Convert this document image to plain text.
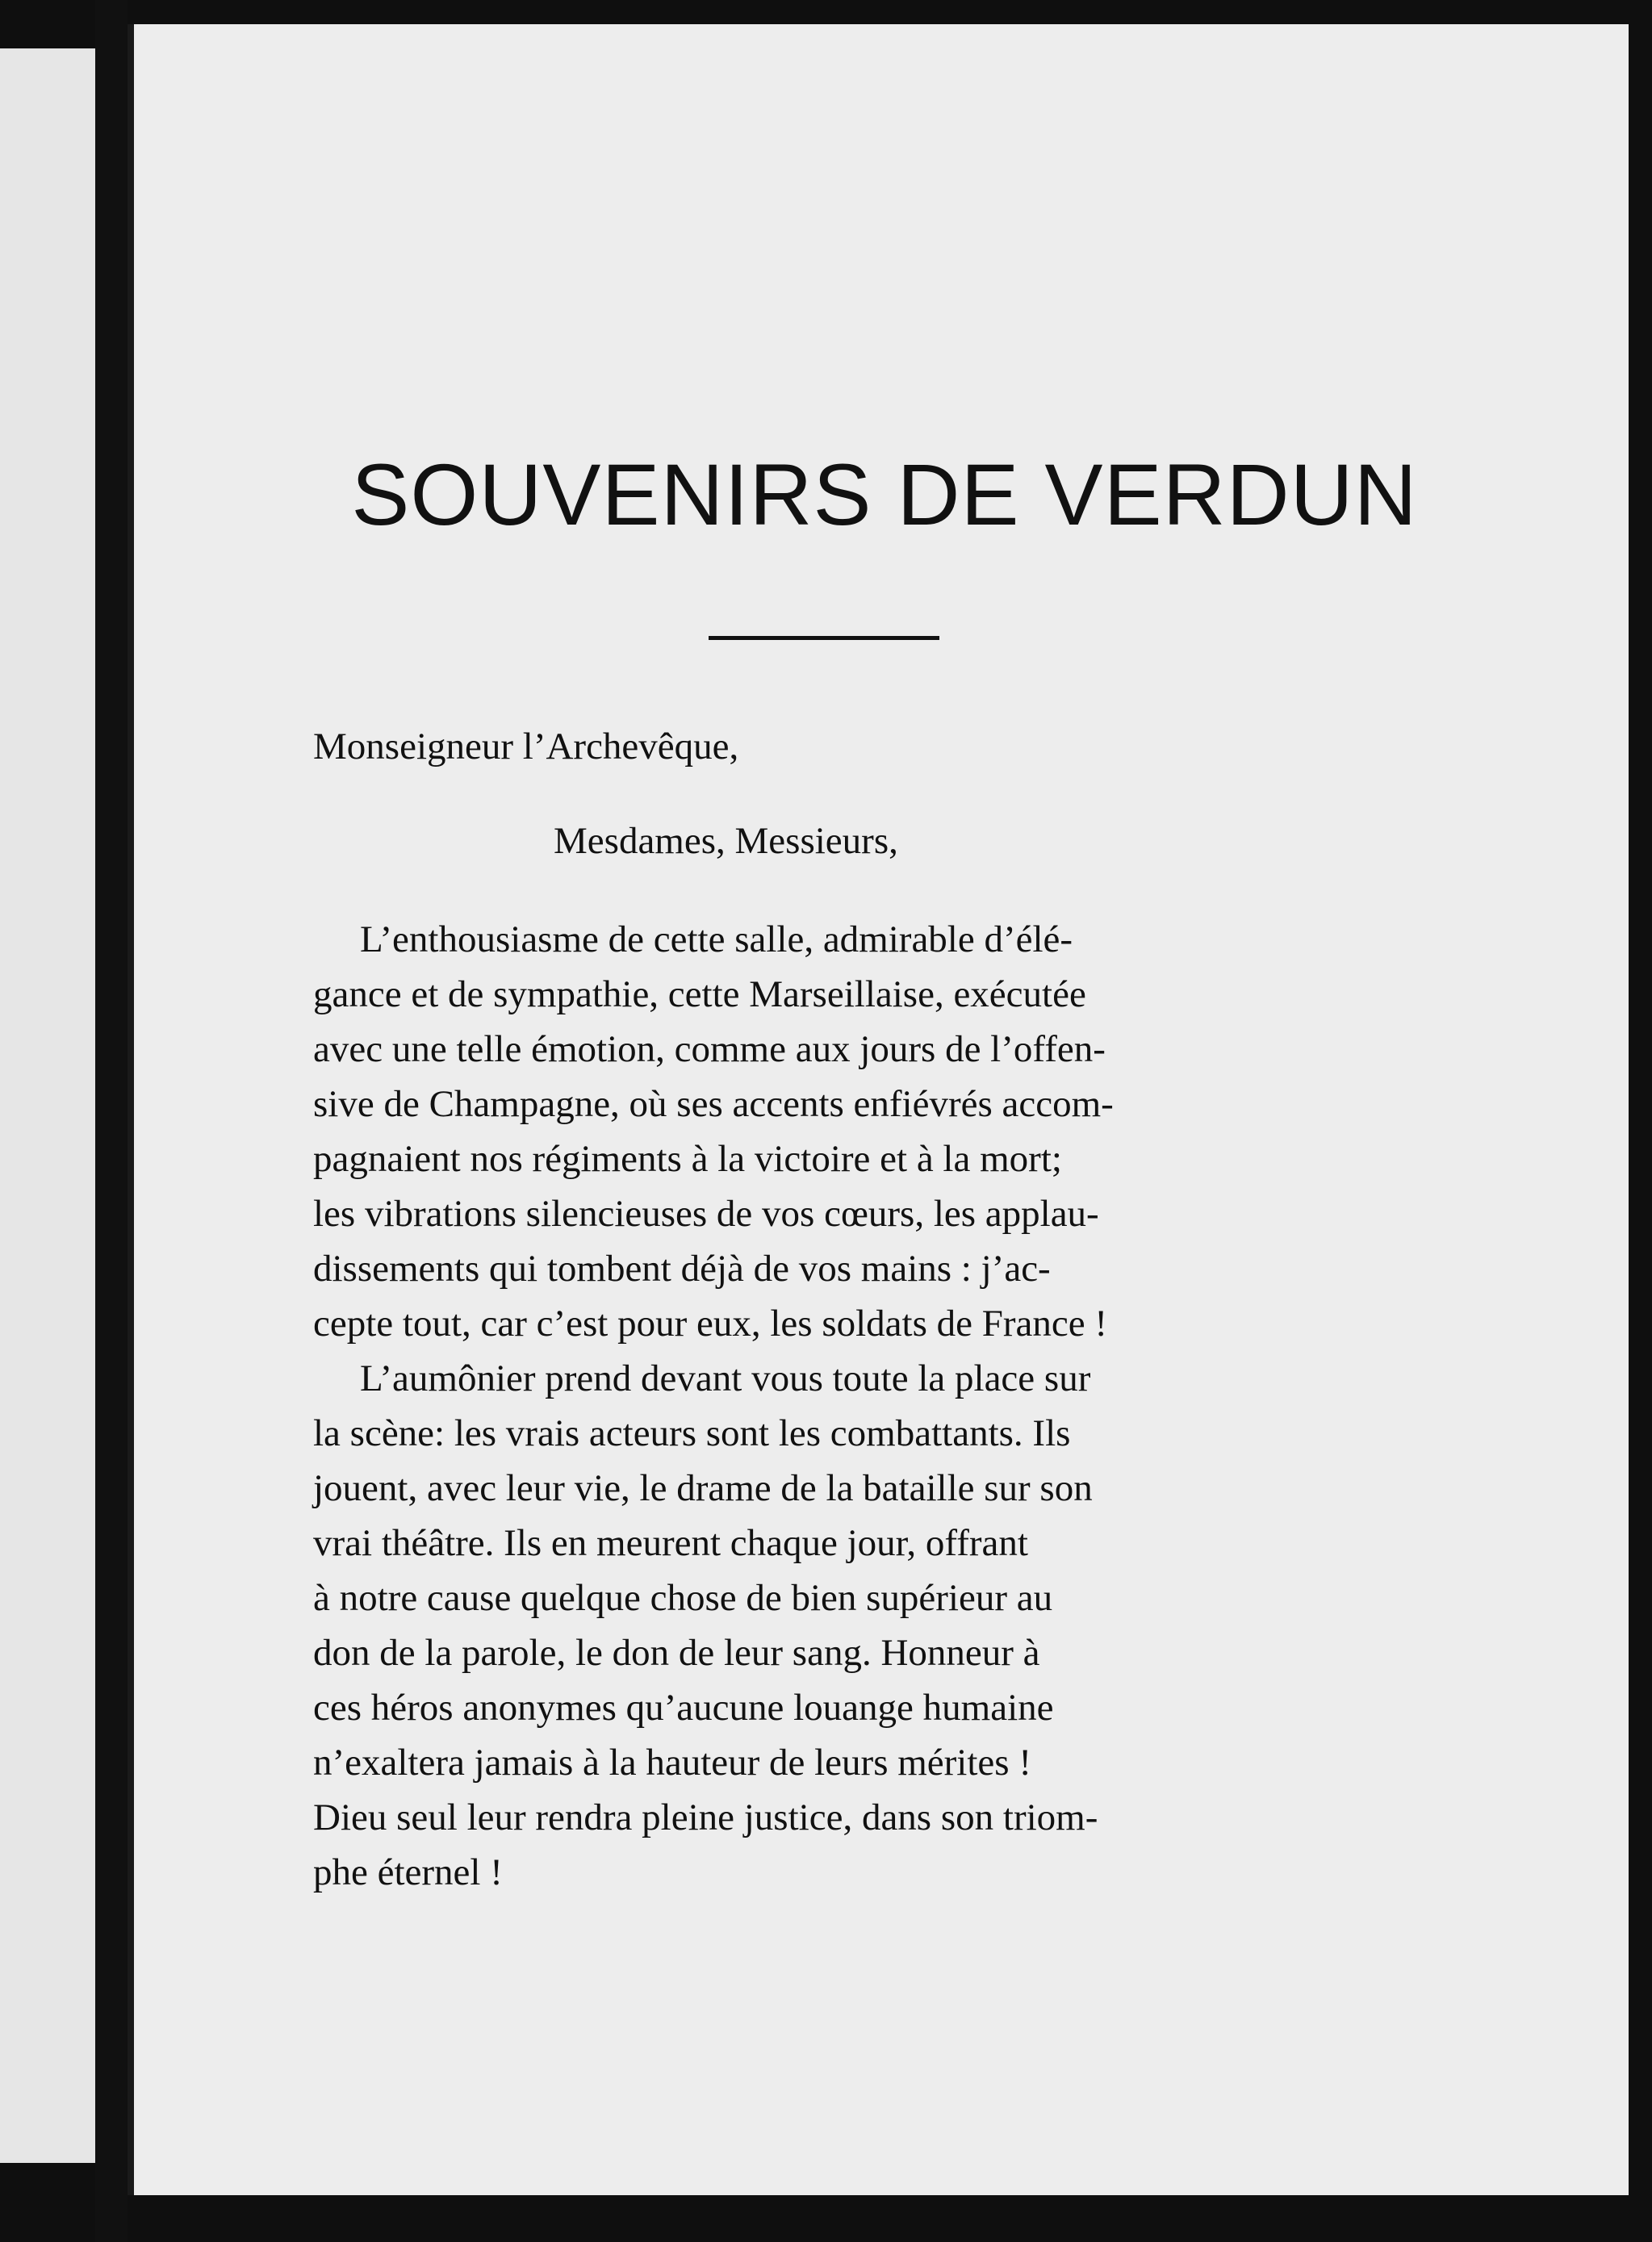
SOUVENIRS DE VERDUN

Monseigneur l’Archevêque,

Mesdames, Messieurs,

L’enthousiasme de cette salle, admirable d’élé-
gance et de sympathie, cette Marseillaise, exécutée
avec une telle émotion, comme aux jours de l’offen-
sive de Champagne, où ses accents enfiévrés accom-
pagnaient nos régiments à la victoire et à la mort;
les vibrations silencieuses de vos cœurs, les applau-
dissements qui tombent déjà de vos mains : j’ac-
cepte tout, car c’est pour eux, les soldats de France !

L’aumônier prend devant vous toute la place sur
la scène: les vrais acteurs sont les combattants. Ils
jouent, avec leur vie, le drame de la bataille sur son
vrai théâtre. Ils en meurent chaque jour, offrant
à notre cause quelque chose de bien supérieur au
don de la parole, le don de leur sang. Honneur à
ces héros anonymes qu’aucune louange humaine
n’exaltera jamais à la hauteur de leurs mérites !
Dieu seul leur rendra pleine justice, dans son triom-
phe éternel !
